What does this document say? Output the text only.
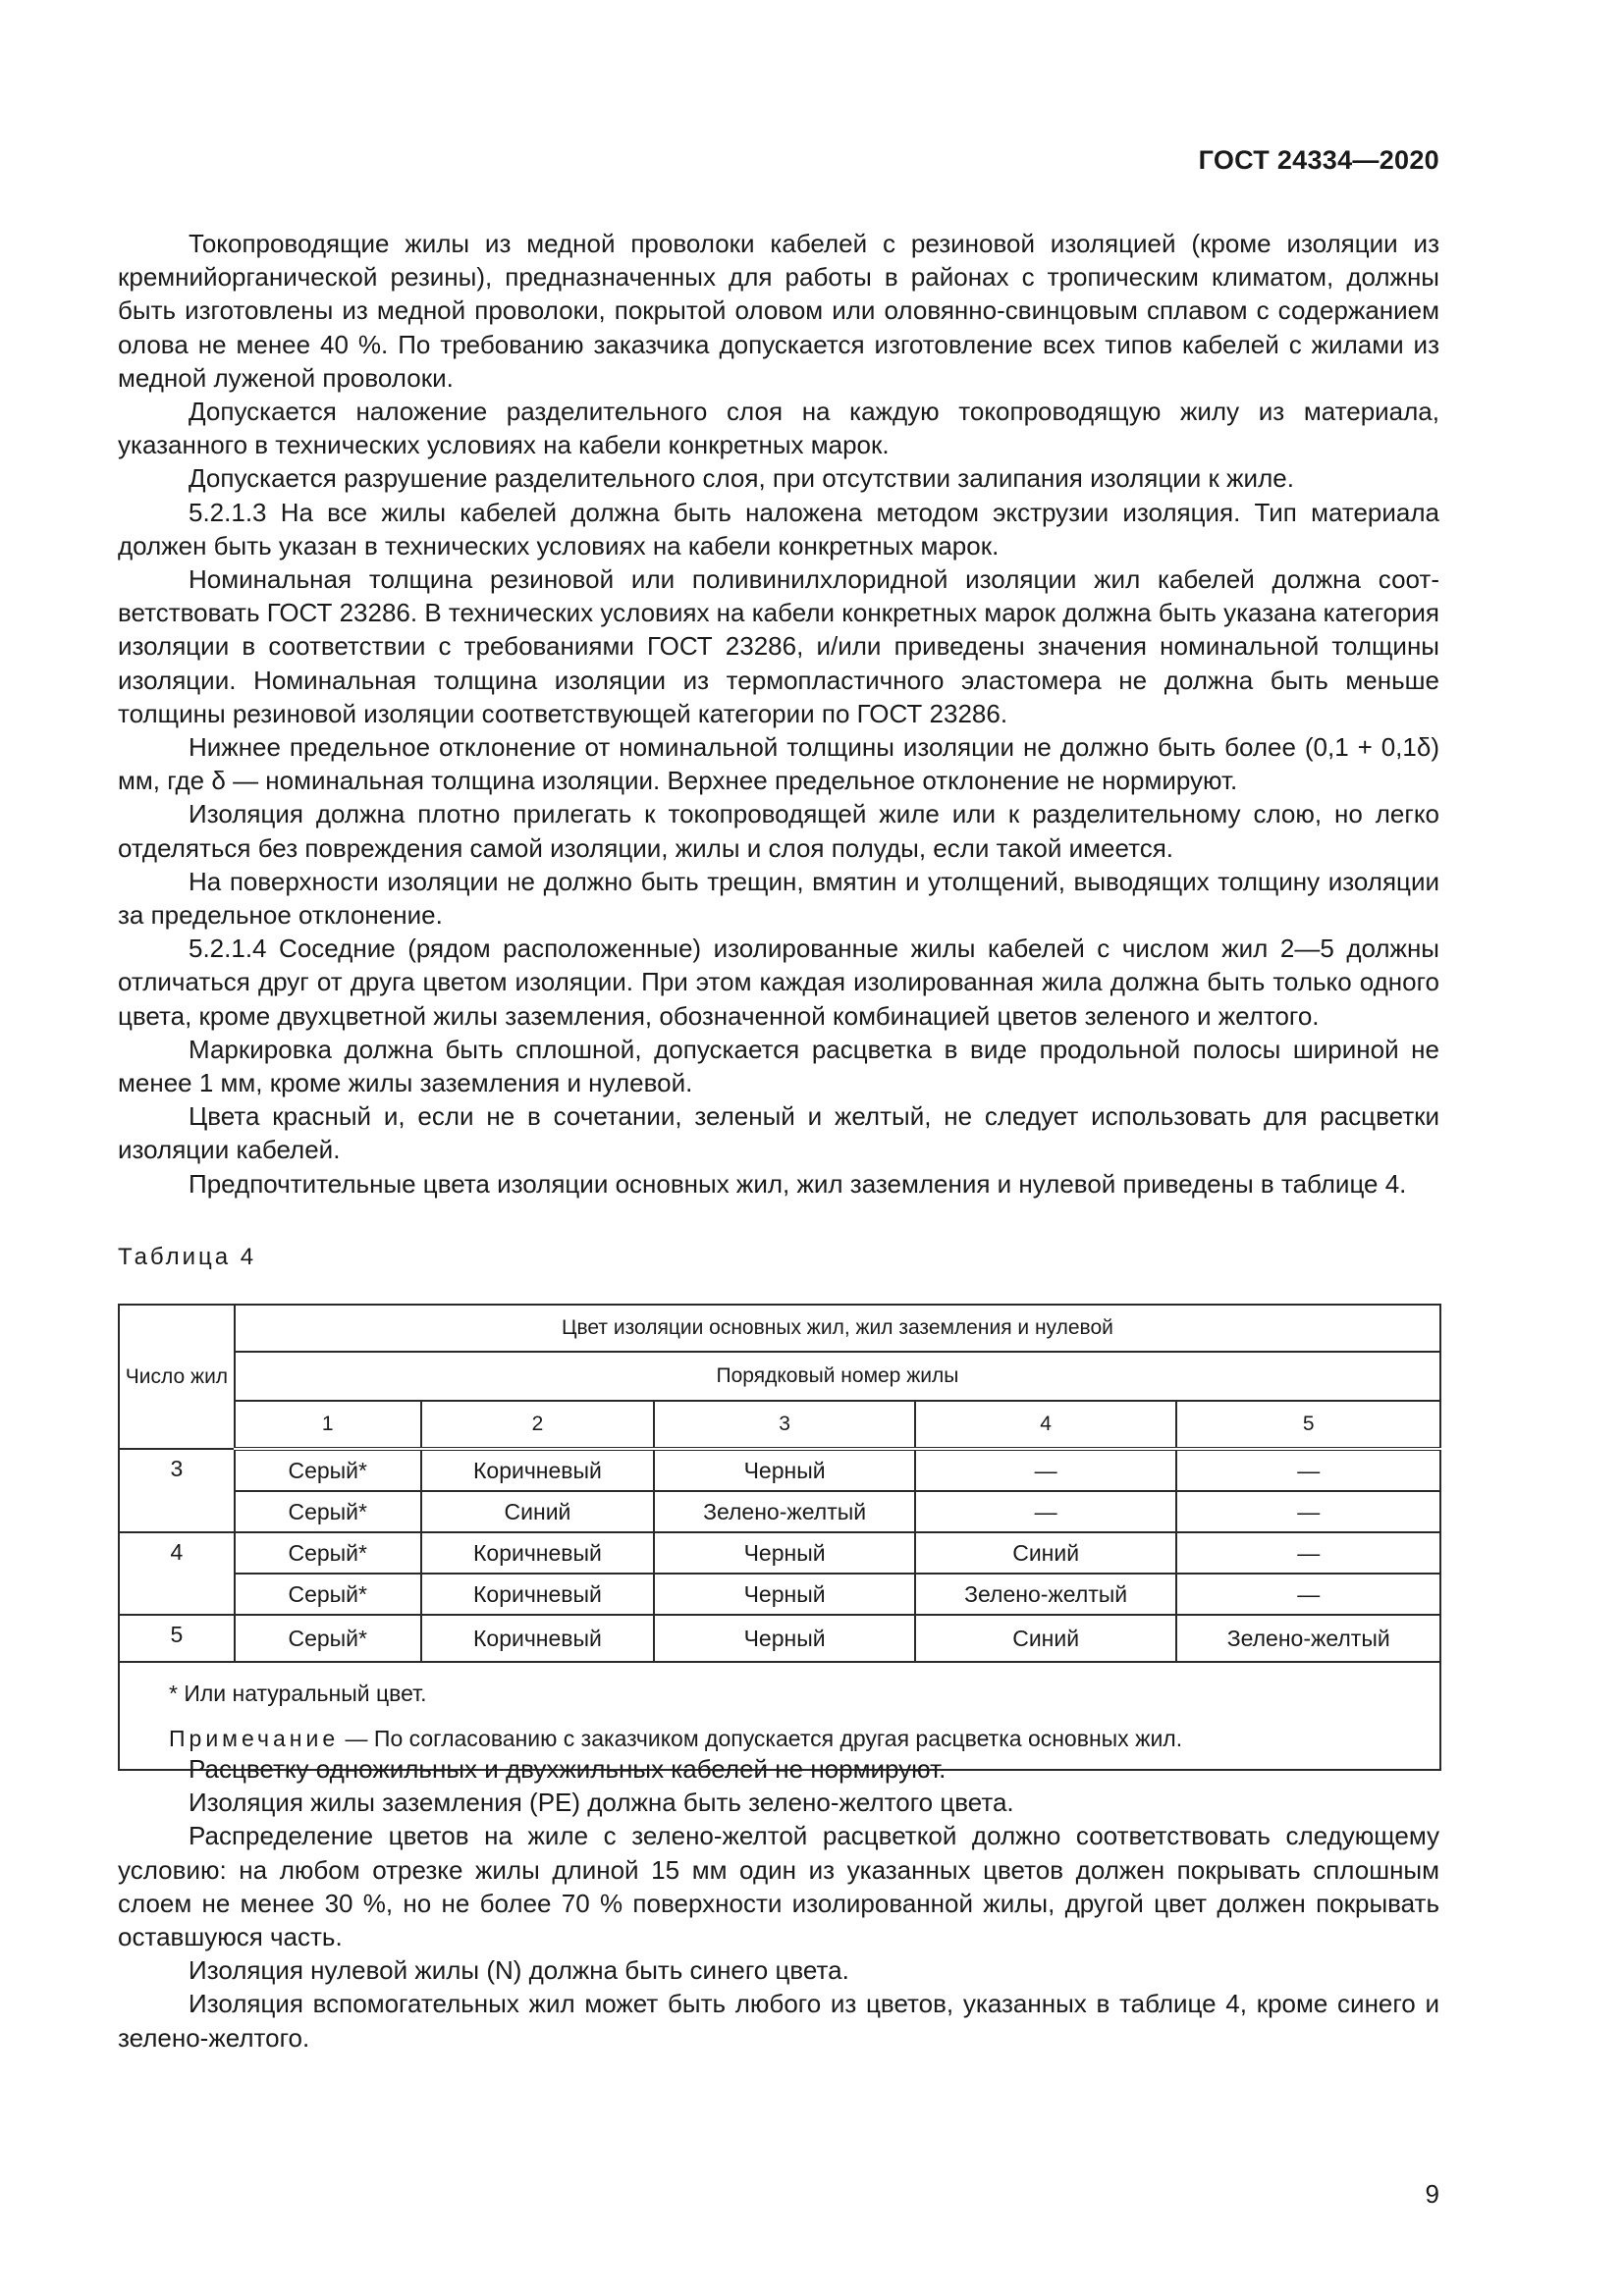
ГОСТ 24334—2020

Токопроводящие жилы из медной проволоки кабелей с резиновой изоляцией (кроме изоляции из кремнийорганической резины), предназначенных для работы в районах с тропическим климатом, должны быть изготовлены из медной проволоки, покрытой оловом или оловянно-свинцовым сплавом с содержанием олова не менее 40 %. По требованию заказчика допускается изготовление всех типов кабелей с жилами из медной луженой проволоки.

Допускается наложение разделительного слоя на каждую токопроводящую жилу из материала, указанного в технических условиях на кабели конкретных марок.

Допускается разрушение разделительного слоя, при отсутствии залипания изоляции к жиле.

5.2.1.3 На все жилы кабелей должна быть наложена методом экструзии изоляция. Тип материала должен быть указан в технических условиях на кабели конкретных марок.

Номинальная толщина резиновой или поливинилхлоридной изоляции жил кабелей должна соответствовать ГОСТ 23286. В технических условиях на кабели конкретных марок должна быть указана категория изоляции в соответствии с требованиями ГОСТ 23286, и/или приведены значения номинальной толщины изоляции. Номинальная толщина изоляции из термопластичного эластомера не должна быть меньше толщины резиновой изоляции соответствующей категории по ГОСТ 23286.

Нижнее предельное отклонение от номинальной толщины изоляции не должно быть более (0,1 + 0,1δ) мм, где δ — номинальная толщина изоляции. Верхнее предельное отклонение не нормируют.

Изоляция должна плотно прилегать к токопроводящей жиле или к разделительному слою, но легко отделяться без повреждения самой изоляции, жилы и слоя полуды, если такой имеется.

На поверхности изоляции не должно быть трещин, вмятин и утолщений, выводящих толщину изоляции за предельное отклонение.

5.2.1.4 Соседние (рядом расположенные) изолированные жилы кабелей с числом жил 2—5 должны отличаться друг от друга цветом изоляции. При этом каждая изолированная жила должна быть только одного цвета, кроме двухцветной жилы заземления, обозначенной комбинацией цветов зеленого и желтого.

Маркировка должна быть сплошной, допускается расцветка в виде продольной полосы шириной не менее 1 мм, кроме жилы заземления и нулевой.

Цвета красный и, если не в сочетании, зеленый и желтый, не следует использовать для расцветки изоляции кабелей.

Предпочтительные цвета изоляции основных жил, жил заземления и нулевой приведены в таблице 4.

Таблица 4
Число жил	Цвет изоляции основных жил, жил заземления и нулевой				
	Порядковый номер жилы				
	1	2	3	4	5
3	Серый*	Коричневый	Черный	—	—
	Серый*	Синий	Зелено-желтый	—	—
4	Серый*	Коричневый	Черный	Синий	—
	Серый*	Коричневый	Черный	Зелено-желтый	—
5	Серый*	Коричневый	Черный	Синий	Зелено-желтый

* Или натуральный цвет.
Примечание — По согласованию с заказчиком допускается другая расцветка основных жил.					

Расцветку одножильных и двухжильных кабелей не нормируют.

Изоляция жилы заземления (PE) должна быть зелено-желтого цвета.

Распределение цветов на жиле с зелено-желтой расцветкой должно соответствовать следующему условию: на любом отрезке жилы длиной 15 мм один из указанных цветов должен покрывать сплошным слоем не менее 30 %, но не более 70 % поверхности изолированной жилы, другой цвет должен покрывать оставшуюся часть.

Изоляция нулевой жилы (N) должна быть синего цвета.

Изоляция вспомогательных жил может быть любого из цветов, указанных в таблице 4, кроме синего и зелено-желтого.

9
